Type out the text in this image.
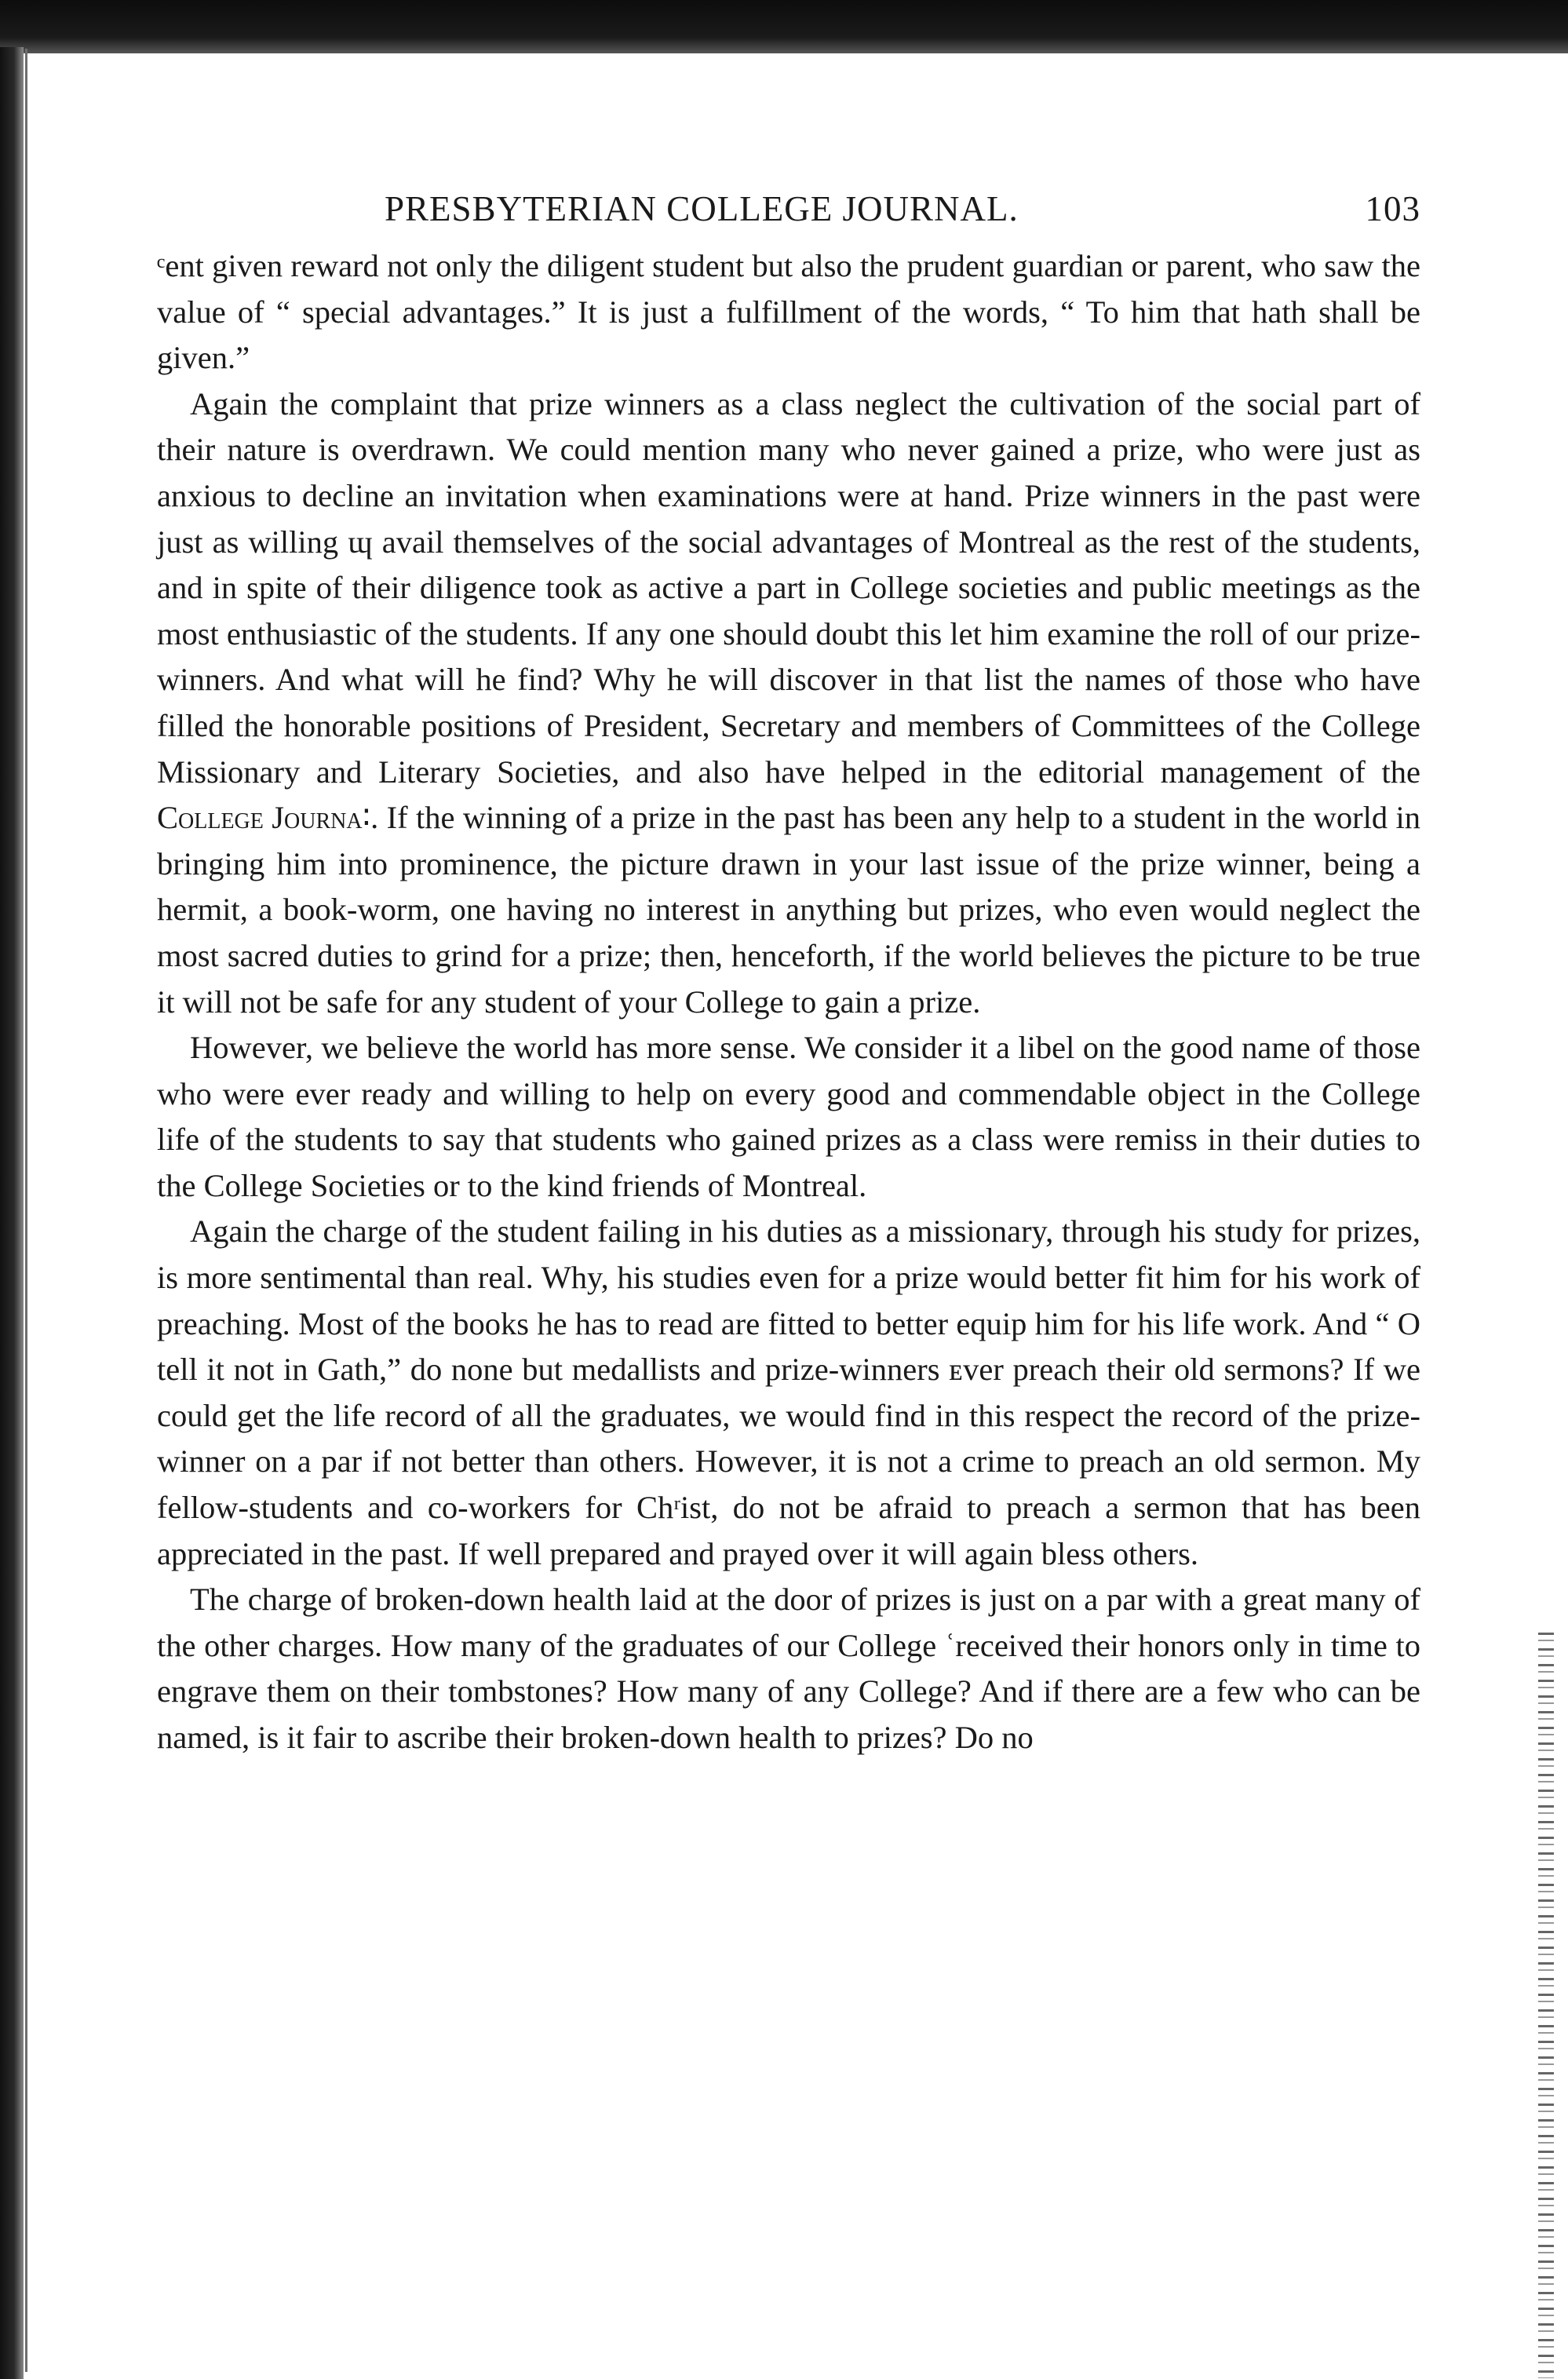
PRESBYTERIAN COLLEGE JOURNAL.	103

ᶜent given reward not only the diligent student but also the prudent guardian or parent, who saw the value of “ special advantages.” It is just a fulfillment of the words, “ To him that hath shall be given.”

Again the complaint that prize winners as a class neglect the cultivation of the social part of their nature is overdrawn. We could mention many who never gained a prize, who were just as anxious to decline an invitation when examinations were at hand. Prize winners in the past were just as willing ɰ avail themselves of the social advantages of Montreal as the rest of the students, and in spite of their diligence took as active a part in College societies and public meetings as the most enthusiastic of the students. If any one should doubt this let him examine the roll of our prize-winners. And what will he find? Why he will discover in that list the names of those who have filled the honorable positions of President, Secretary and members of Committees of the College Missionary and Literary Societies, and also have helped in the editorial management of the College Journa∶. If the winning of a prize in the past has been any help to a student in the world in bringing him into prominence, the picture drawn in your last issue of the prize winner, being a hermit, a book-worm, one having no interest in anything but prizes, who even would neglect the most sacred duties to grind for a prize; then, henceforth, if the world believes the picture to be true it will not be safe for any student of your College to gain a prize.

However, we believe the world has more sense. We consider it a libel on the good name of those who were ever ready and willing to help on every good and commendable object in the College life of the students to say that students who gained prizes as a class were remiss in their duties to the College Societies or to the kind friends of Montreal.

Again the charge of the student failing in his duties as a missionary, through his study for prizes, is more sentimental than real. Why, his studies even for a prize would better fit him for his work of preaching. Most of the books he has to read are fitted to better equip him for his life work. And “ O tell it not in Gath,” do none but medallists and prize-winners ᴇver preach their old sermons? If we could get the life record of all the graduates, we would find in this respect the record of the prize-winner on a par if not better than others. However, it is not a crime to preach an old sermon. My fellow-students and co-workers for Chʳist, do not be afraid to preach a sermon that has been appreciated in the past. If well prepared and prayed over it will again bless others.

The charge of broken-down health laid at the door of prizes is just on a par with a great many of the other charges. How many of the graduates of our College ʿreceived their honors only in time to engrave them on their tombstones? How many of any College? And if there are a few who can be named, is it fair to ascribe their broken-down health to prizes? Do no
